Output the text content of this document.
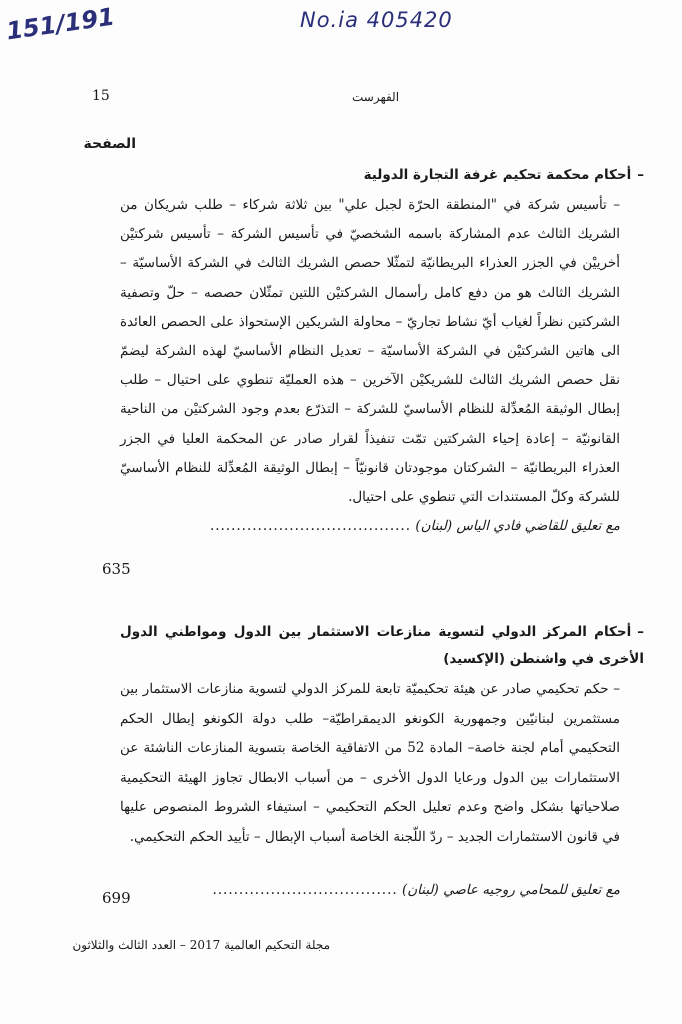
151/191	No.ia 405420
15	الفهرست
الصفحة
–أحكام محكمة تحكيم غرفة التجارة الدولية
– تأسيس شركة في "المنطقة الحرّة لجبل علي" بين ثلاثة شركاء – طلب شريكان من الشريك الثالث عدم المشاركة باسمه الشخصيّ في تأسيس الشركة – تأسيس شركتيْن أخرييْن في الجزر العذراء البريطانيّة لتمثّلا حصص الشريك الثالث في الشركة الأساسيّة – الشريك الثالث هو من دفع كامل رأسمال الشركتيْن اللتين تمثّلان حصصه – حلّ وتصفية الشركتين نظراً لغياب أيّ نشاط تجاريّ – محاولة الشريكين الإستحواذ على الحصص العائدة الى هاتين الشركتيْن في الشركة الأساسيّة – تعديل النظام الأساسيّ لهذه الشركة ليضمّ نقل حصص الشريك الثالث للشريكيْن الآخرين – هذه العمليّة تنطوي على احتيال – طلب إبطال الوثيقة المُعدِّلة للنظام الأساسيّ للشركة – التذرّع بعدم وجود الشركتيْن من الناحية القانونيّة – إعادة إحياء الشركتين تمّت تنفيذاً لقرار صادر عن المحكمة العليا في الجزر العذراء البريطانيّة – الشركتان موجودتان قانونيّاً – إبطال الوثيقة المُعدِّلة للنظام الأساسيّ للشركة وكلّ المستندات التي تنطوي على احتيال.
مع تعليق للقاضي فادي الياس (لبنان) ......................................
635
–أحكام المركز الدولي لتسوية منازعات الاستثمار بين الدول ومواطني الدول الأخرى في واشنطن (الإكسيد)
– حكم تحكيمي صادر عن هيئة تحكيميّة تابعة للمركز الدولي لتسوية منازعات الاستثمار بين مستثمرين لبنانيّين وجمهورية الكونغو الديمقراطيّة– طلب دولة الكونغو إبطال الحكم التحكيمي أمام لجنة خاصة– المادة 52 من الاتفاقية الخاصة بتسوية المنازعات الناشئة عن الاستثمارات بين الدول ورعايا الدول الأخرى – من أسباب الابطال تجاوز الهيئة التحكيمية صلاحياتها بشكل واضح وعدم تعليل الحكم التحكيمي – استيفاء الشروط المنصوص عليها في قانون الاستثمارات الجديد – ردّ اللّجنة الخاصة أسباب الإبطال – تأييد الحكم التحكيمي.
مع تعليق للمحامي روجيه عاصي (لبنان) ...................................
699
مجلة التحكيم العالمية 2017 – العدد الثالث والثلاثون
